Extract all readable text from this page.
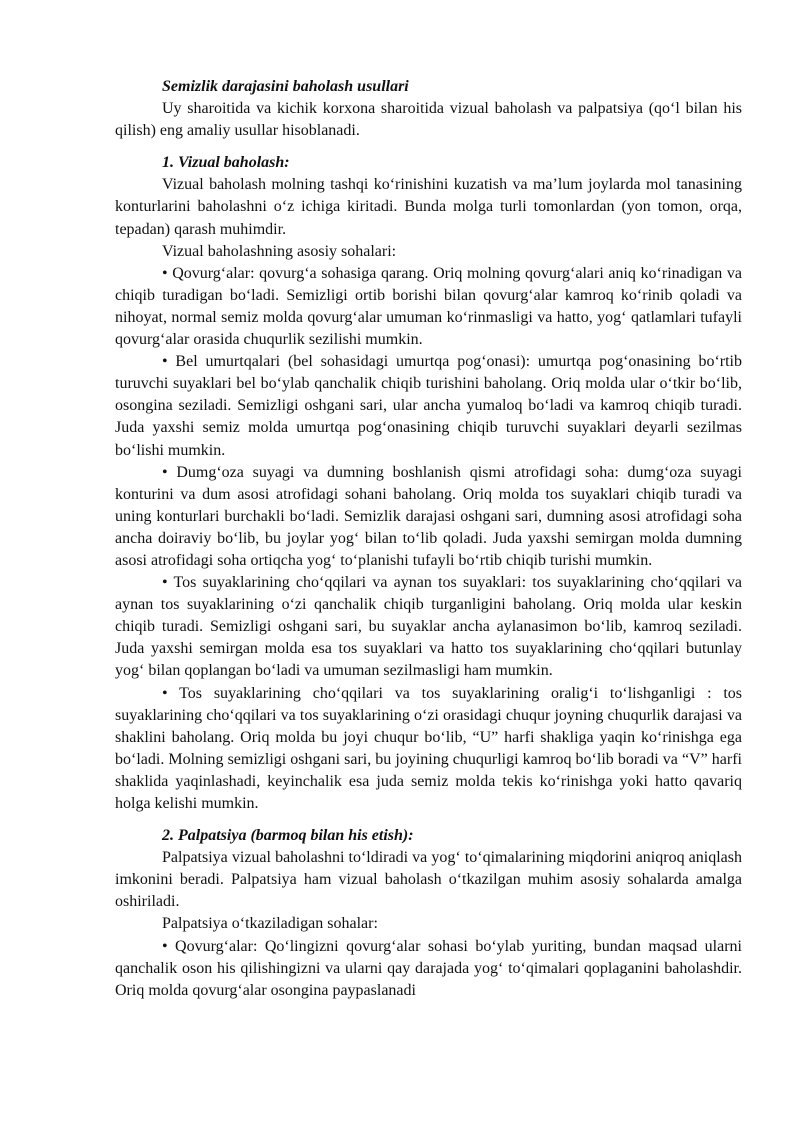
Semizlik darajasini baholash usullari

Uy sharoitida va kichik korxona sharoitida vizual baholash va palpatsiya (qo‘l bilan his qilish) eng amaliy usullar hisoblanadi.

1. Vizual baholash:

Vizual baholash molning tashqi ko‘rinishini kuzatish va ma’lum joylarda mol tanasining konturlarini baholashni o‘z ichiga kiritadi. Bunda molga turli tomonlardan (yon tomon, orqa, tepadan) qarash muhimdir.

Vizual baholashning asosiy sohalari:

• Qovurg‘alar: qovurg‘a sohasiga qarang. Oriq molning qovurg‘alari aniq ko‘rinadigan va chiqib turadigan bo‘ladi. Semizligi ortib borishi bilan qovurg‘alar kamroq ko‘rinib qoladi va nihoyat, normal semiz molda qovurg‘alar umuman ko‘rinmasligi va hatto, yog‘ qatlamlari tufayli qovurg‘alar orasida chuqurlik sezilishi mumkin.

• Bel umurtqalari (bel sohasidagi umurtqa pog‘onasi): umurtqa pog‘onasining bo‘rtib turuvchi suyaklari bel bo‘ylab qanchalik chiqib turishini baholang. Oriq molda ular o‘tkir bo‘lib, osongina seziladi. Semizligi oshgani sari, ular ancha yumaloq bo‘ladi va kamroq chiqib turadi. Juda yaxshi semiz molda umurtqa pog‘onasining chiqib turuvchi suyaklari deyarli sezilmas bo‘lishi mumkin.

• Dumg‘oza suyagi va dumning boshlanish qismi atrofidagi soha: dumg‘oza suyagi konturini va dum asosi atrofidagi sohani baholang. Oriq molda tos suyaklari chiqib turadi va uning konturlari burchakli bo‘ladi. Semizlik darajasi oshgani sari, dumning asosi atrofidagi soha ancha doiraviy bo‘lib, bu joylar yog‘ bilan to‘lib qoladi. Juda yaxshi semirgan molda dumning asosi atrofidagi soha ortiqcha yog‘ to‘planishi tufayli bo‘rtib chiqib turishi mumkin.

• Tos suyaklarining cho‘qqilari va aynan tos suyaklari: tos suyaklarining cho‘qqilari va aynan tos suyaklarining o‘zi qanchalik chiqib turganligini baholang. Oriq molda ular keskin chiqib turadi. Semizligi oshgani sari, bu suyaklar ancha aylanasimon bo‘lib, kamroq seziladi. Juda yaxshi semirgan molda esa tos suyaklari va hatto tos suyaklarining cho‘qqilari butunlay yog‘ bilan qoplangan bo‘ladi va umuman sezilmasligi ham mumkin.

• Tos suyaklarining cho‘qqilari va tos suyaklarining oralig‘i to‘lishganligi : tos suyaklarining cho‘qqilari va tos suyaklarining o‘zi orasidagi chuqur joyning chuqurlik darajasi va shaklini baholang. Oriq molda bu joyi chuqur bo‘lib, “U” harfi shakliga yaqin ko‘rinishga ega bo‘ladi. Molning semizligi oshgani sari, bu joyining chuqurligi kamroq bo‘lib boradi va “V” harfi shaklida yaqinlashadi, keyinchalik esa juda semiz molda tekis ko‘rinishga yoki hatto qavariq holga kelishi mumkin.

2. Palpatsiya (barmoq bilan his etish):

Palpatsiya vizual baholashni to‘ldiradi va yog‘ to‘qimalarining miqdorini aniqroq aniqlash imkonini beradi. Palpatsiya ham vizual baholash o‘tkazilgan muhim asosiy sohalarda amalga oshiriladi.

Palpatsiya o‘tkaziladigan sohalar:

• Qovurg‘alar: Qo‘lingizni qovurg‘alar sohasi bo‘ylab yuriting, bundan maqsad ularni qanchalik oson his qilishingizni va ularni qay darajada yog‘ to‘qimalari qoplaganini baholashdir. Oriq molda qovurg‘alar osongina paypaslanadi
